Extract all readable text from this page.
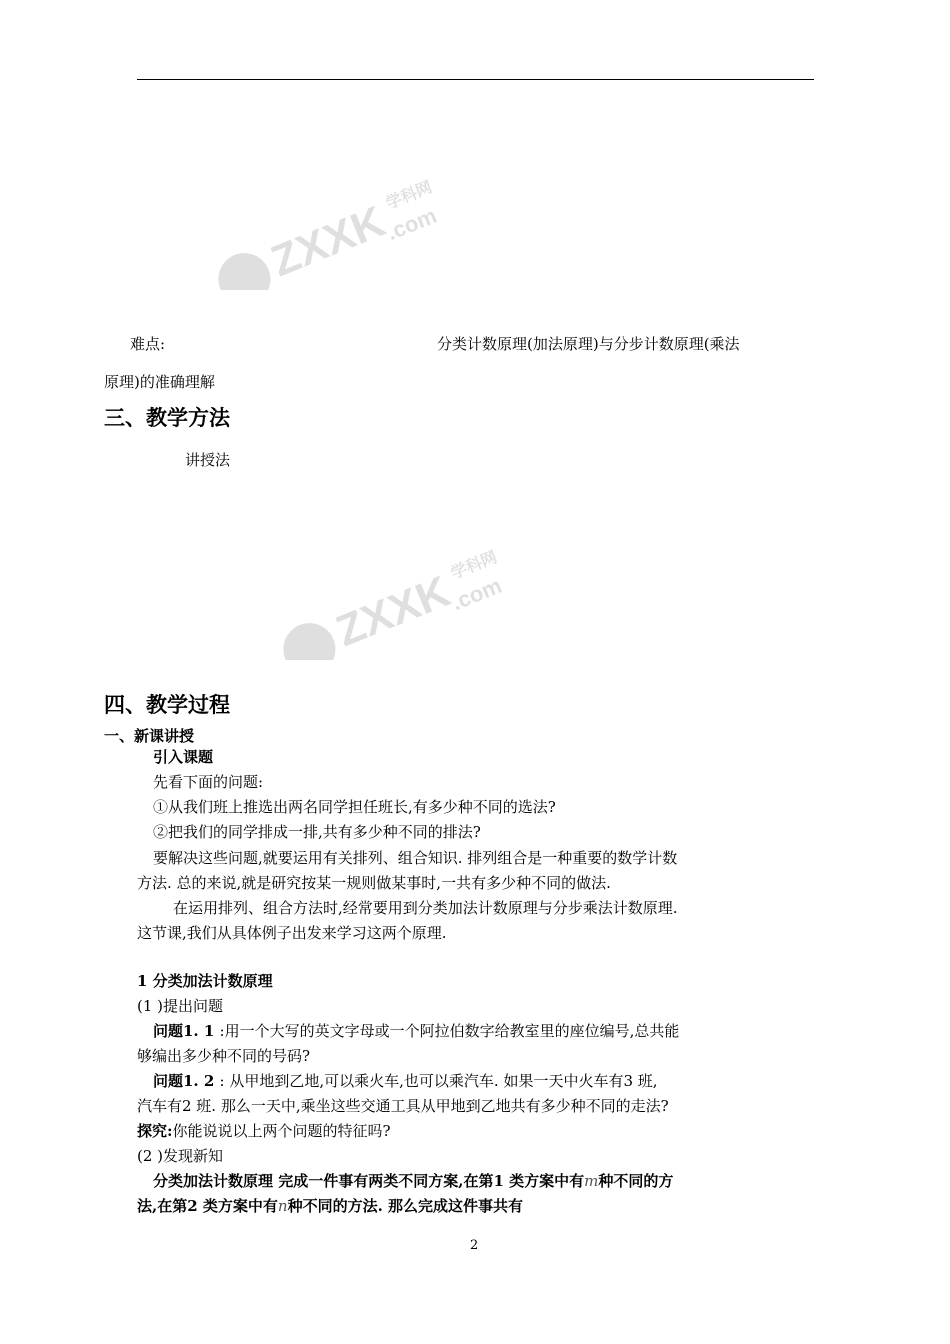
ZXXK
.com
学科网
ZXXK
.com
学科网
难点:	分类计数原理(加法原理)与分步计数原理(乘法
原理)的准确理解
三、教学方法
讲授法
四、教学过程
一、新课讲授
引入课题
先看下面的问题:
①从我们班上推选出两名同学担任班长,有多少种不同的选法?
②把我们的同学排成一排,共有多少种不同的排法?
要解决这些问题,就要运用有关排列、组合知识. 排列组合是一种重要的数学计数
方法. 总的来说,就是研究按某一规则做某事时,一共有多少种不同的做法.
在运用排列、组合方法时,经常要用到分类加法计数原理与分步乘法计数原理.
这节课,我们从具体例子出发来学习这两个原理.
1 分类加法计数原理
(1 )提出问题
问题1. 1 :用一个大写的英文字母或一个阿拉伯数字给教室里的座位编号,总共能
够编出多少种不同的号码?
问题1. 2 : 从甲地到乙地,可以乘火车,也可以乘汽车. 如果一天中火车有3 班,
汽车有2 班. 那么一天中,乘坐这些交通工具从甲地到乙地共有多少种不同的走法?
探究:你能说说以上两个问题的特征吗?
(2 )发现新知
分类加法计数原理 完成一件事有两类不同方案,在第1 类方案中有m种不同的方
法,在第2 类方案中有n种不同的方法. 那么完成这件事共有
2
